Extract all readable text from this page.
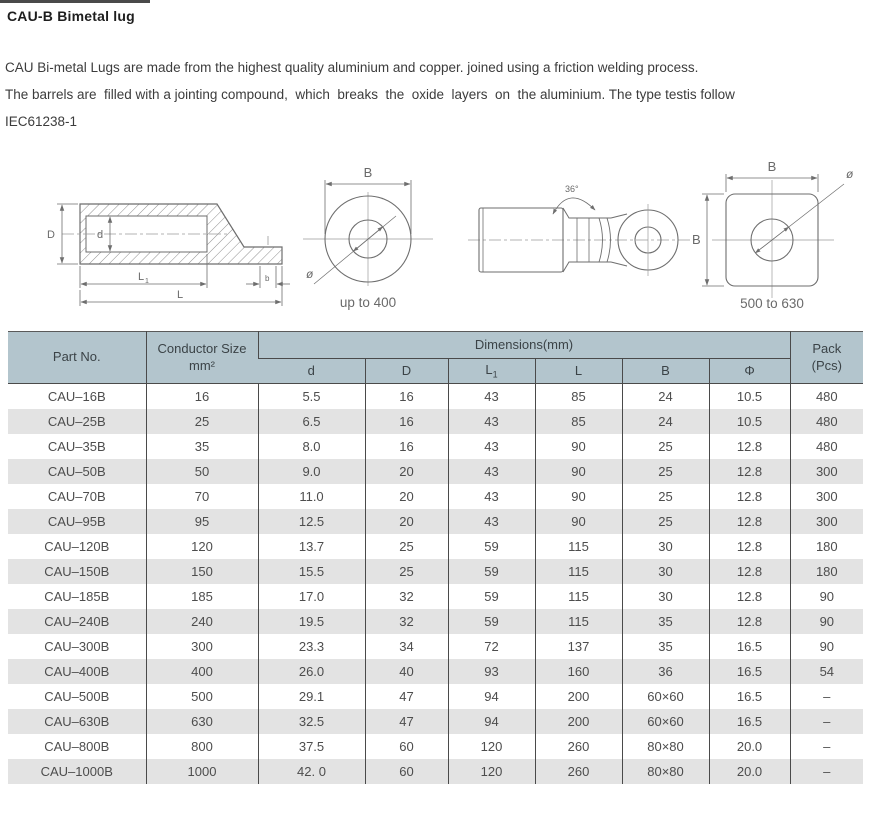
CAU-B Bimetal lug

CAU Bi-metal Lugs are made from the highest quality aluminium and copper. joined using a friction welding process.

The barrels are  filled with a jointing compound,  which  breaks  the  oxide  layers  on  the aluminium. The type testis follow

IEC61238-1

D	d
L 1	b
L
B
ø
up to 400
36°
B
B
ø
500 to 630
Part No.	
Conductor Size
mm²
	Dimensions(mm)	Pack
(Pcs)

		d	D	$L_1$	L	B	Φ	
CAU–16B	16	5.5	16	43	85	24	10.5	480
CAU–25B	25	6.5	16	43	85	24	10.5	480
CAU–35B	35	8.0	16	43	90	25	12.8	480
CAU–50B	50	9.0	20	43	90	25	12.8	300
CAU–70B	70	11.0	20	43	90	25	12.8	300
CAU–95B	95	12.5	20	43	90	25	12.8	300
CAU–120B	120	13.7	25	59	115	30	12.8	180
CAU–150B	150	15.5	25	59	115	30	12.8	180
CAU–185B	185	17.0	32	59	115	30	12.8	90
CAU–240B	240	19.5	32	59	115	35	12.8	90
CAU–300B	300	23.3	34	72	137	35	16.5	90
CAU–400B	400	26.0	40	93	160	36	16.5	54
CAU–500B	500	29.1	47	94	200	60×60	16.5	–
CAU–630B	630	32.5	47	94	200	60×60	16.5	–
CAU–800B	800	37.5	60	120	260	80×80	20.0	–
CAU–1000B	1000	42. 0	60	120	260	80×80	20.0	–
